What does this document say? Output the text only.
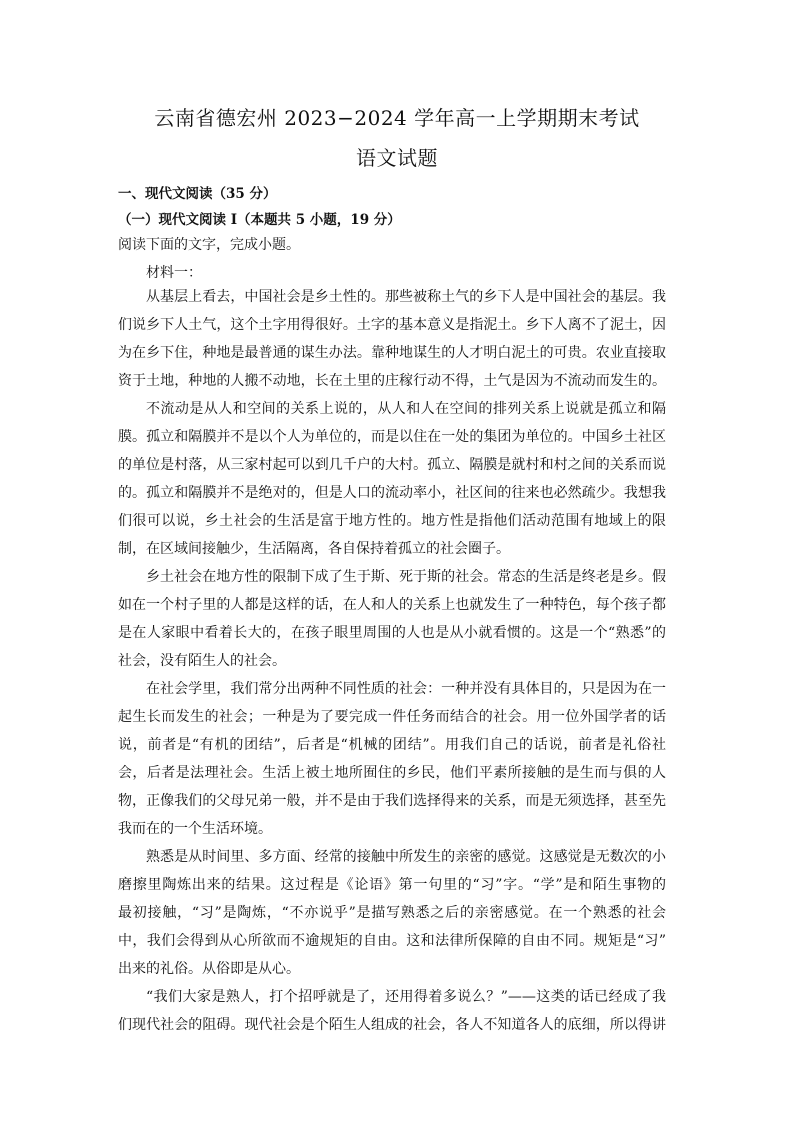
云南省德宏州 2023−2024 学年高一上学期期末考试
语文试题
一、现代文阅读（35 分）
（一）现代文阅读 I（本题共 5 小题，19 分）
阅读下面的文字，完成小题。
材料一：
从基层上看去，中国社会是乡土性的。那些被称土气的乡下人是中国社会的基层。我
们说乡下人土气，这个土字用得很好。土字的基本意义是指泥土。乡下人离不了泥土，因
为在乡下住，种地是最普通的谋生办法。靠种地谋生的人才明白泥土的可贵。农业直接取
资于土地，种地的人搬不动地，长在土里的庄稼行动不得，土气是因为不流动而发生的。
不流动是从人和空间的关系上说的，从人和人在空间的排列关系上说就是孤立和隔
膜。孤立和隔膜并不是以个人为单位的，而是以住在一处的集团为单位的。中国乡土社区
的单位是村落，从三家村起可以到几千户的大村。孤立、隔膜是就村和村之间的关系而说
的。孤立和隔膜并不是绝对的，但是人口的流动率小，社区间的往来也必然疏少。我想我
们很可以说，乡土社会的生活是富于地方性的。地方性是指他们活动范围有地域上的限
制，在区域间接触少，生活隔离，各自保持着孤立的社会圈子。
乡土社会在地方性的限制下成了生于斯、死于斯的社会。常态的生活是终老是乡。假
如在一个村子里的人都是这样的话，在人和人的关系上也就发生了一种特色，每个孩子都
是在人家眼中看着长大的，在孩子眼里周围的人也是从小就看惯的。这是一个“熟悉”的
社会，没有陌生人的社会。
在社会学里，我们常分出两种不同性质的社会：一种并没有具体目的，只是因为在一
起生长而发生的社会；一种是为了要完成一件任务而结合的社会。用一位外国学者的话
说，前者是“有机的团结”，后者是“机械的团结”。用我们自己的话说，前者是礼俗社
会，后者是法理社会。生活上被土地所囿住的乡民，他们平素所接触的是生而与俱的人
物，正像我们的父母兄弟一般，并不是由于我们选择得来的关系，而是无须选择，甚至先
我而在的一个生活环境。
熟悉是从时间里、多方面、经常的接触中所发生的亲密的感觉。这感觉是无数次的小
磨擦里陶炼出来的结果。这过程是《论语》第一句里的“习”字。“学”是和陌生事物的
最初接触，“习”是陶炼，“不亦说乎”是描写熟悉之后的亲密感觉。在一个熟悉的社会
中，我们会得到从心所欲而不逾规矩的自由。这和法律所保障的自由不同。规矩是“习”
出来的礼俗。从俗即是从心。
“我们大家是熟人，打个招呼就是了，还用得着多说么？”——这类的话已经成了我
们现代社会的阻碍。现代社会是个陌生人组成的社会，各人不知道各人的底细，所以得讲
